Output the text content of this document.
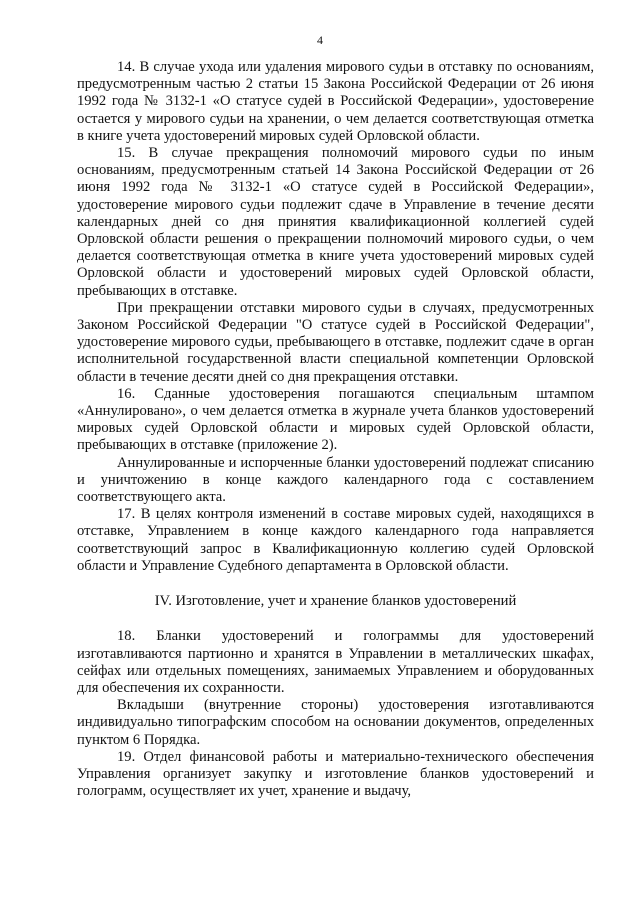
4

14. В случае ухода или удаления мирового судьи в отставку по основаниям, предусмотренным частью 2 статьи 15 Закона Российской Федерации от 26 июня 1992 года № 3132-1 «О статусе судей в Российской Федерации», удостоверение остается у мирового судьи на хранении, о чем делается соответствующая отметка в книге учета удостоверений мировых судей Орловской области.

15. В случае прекращения полномочий мирового судьи по иным основаниям, предусмотренным статьей 14 Закона Российской Федерации от 26 июня 1992 года № 3132-1 «О статусе судей в Российской Федерации», удостоверение мирового судьи подлежит сдаче в Управление в течение десяти календарных дней со дня принятия квалификационной коллегией судей Орловской области решения о прекращении полномочий мирового судьи, о чем делается соответствующая отметка в книге учета удостоверений мировых судей Орловской области и удостоверений мировых судей Орловской области, пребывающих в отставке.

При прекращении отставки мирового судьи в случаях, предусмотренных Законом Российской Федерации "О статусе судей в Российской Федерации", удостоверение мирового судьи, пребывающего в отставке, подлежит сдаче в орган исполнительной государственной власти специальной компетенции Орловской области в течение десяти дней со дня прекращения отставки.

16. Сданные удостоверения погашаются специальным штампом «Аннулировано», о чем делается отметка в журнале учета бланков удостоверений мировых судей Орловской области и мировых судей Орловской области, пребывающих в отставке (приложение 2).

Аннулированные и испорченные бланки удостоверений подлежат списанию и уничтожению в конце каждого календарного года с составлением соответствующего акта.

17. В целях контроля изменений в составе мировых судей, находящихся в отставке, Управлением в конце каждого календарного года направляется соответствующий запрос в Квалификационную коллегию судей Орловской области и Управление Судебного департамента в Орловской области.

IV. Изготовление, учет и хранение бланков удостоверений

18. Бланки удостоверений и голограммы для удостоверений изготавливаются партионно и хранятся в Управлении в металлических шкафах, сейфах или отдельных помещениях, занимаемых Управлением и оборудованных для обеспечения их сохранности.

Вкладыши (внутренние стороны) удостоверения изготавливаются индивидуально типографским способом на основании документов, определенных пунктом 6 Порядка.

19. Отдел финансовой работы и материально-технического обеспечения Управления организует закупку и изготовление бланков удостоверений и голограмм, осуществляет их учет, хранение и выдачу,
